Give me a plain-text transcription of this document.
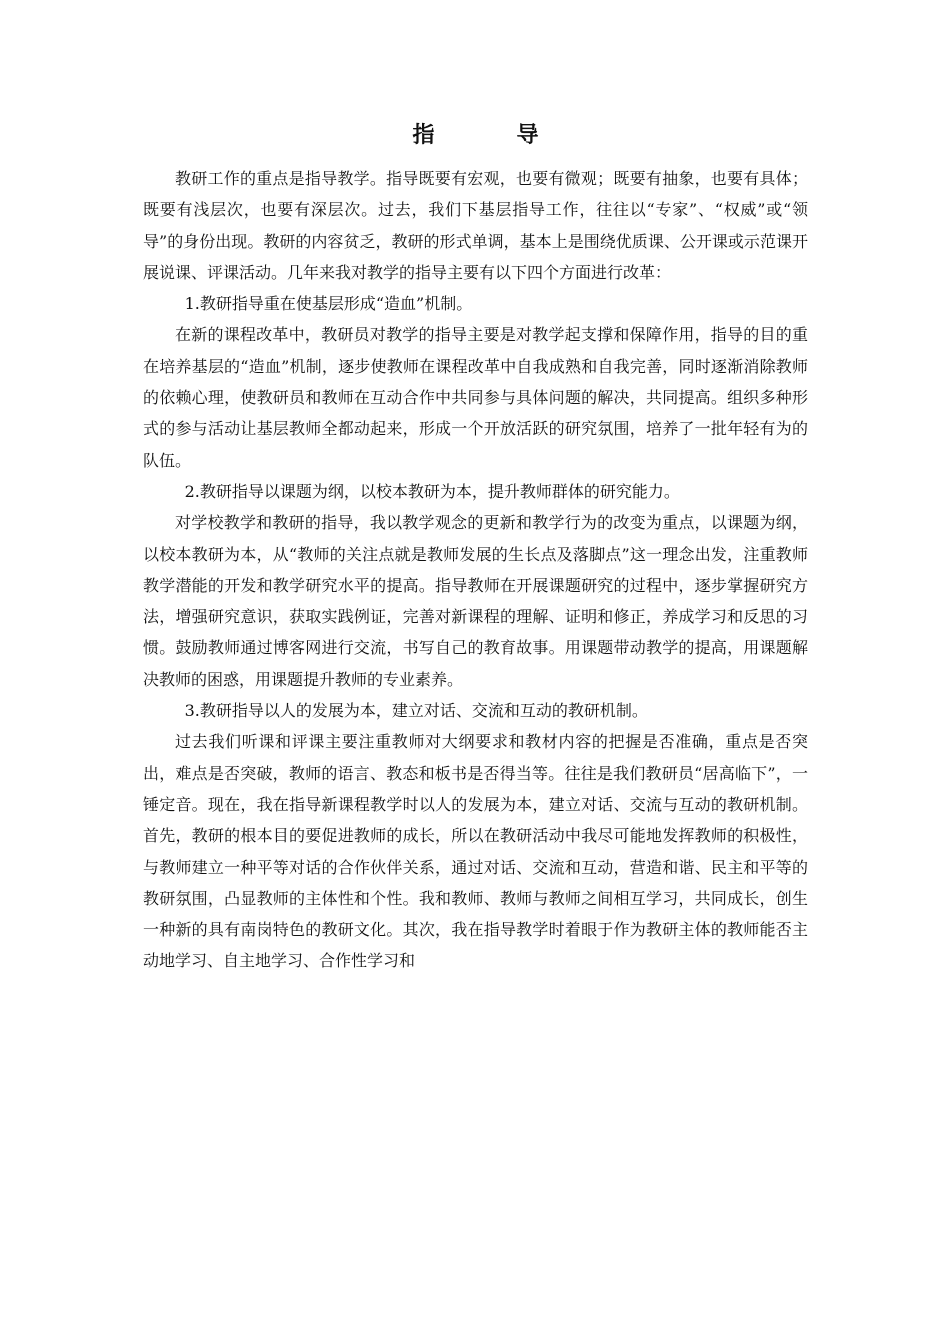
指　导

教研工作的重点是指导教学。指导既要有宏观，也要有微观；既要有抽象，也要有具体；既要有浅层次，也要有深层次。过去，我们下基层指导工作，往往以“专家”、“权威”或“领导”的身份出现。教研的内容贫乏，教研的形式单调，基本上是围绕优质课、公开课或示范课开展说课、评课活动。几年来我对教学的指导主要有以下四个方面进行改革：

1.教研指导重在使基层形成“造血”机制。

在新的课程改革中，教研员对教学的指导主要是对教学起支撑和保障作用，指导的目的重在培养基层的“造血”机制，逐步使教师在课程改革中自我成熟和自我完善，同时逐渐消除教师的依赖心理，使教研员和教师在互动合作中共同参与具体问题的解决，共同提高。组织多种形式的参与活动让基层教师全都动起来，形成一个开放活跃的研究氛围，培养了一批年轻有为的队伍。

2.教研指导以课题为纲，以校本教研为本，提升教师群体的研究能力。

对学校教学和教研的指导，我以教学观念的更新和教学行为的改变为重点，以课题为纲，以校本教研为本，从“教师的关注点就是教师发展的生长点及落脚点”这一理念出发，注重教师教学潜能的开发和教学研究水平的提高。指导教师在开展课题研究的过程中，逐步掌握研究方法，增强研究意识，获取实践例证，完善对新课程的理解、证明和修正，养成学习和反思的习惯。鼓励教师通过博客网进行交流，书写自己的教育故事。用课题带动教学的提高，用课题解决教师的困惑，用课题提升教师的专业素养。

3.教研指导以人的发展为本，建立对话、交流和互动的教研机制。

过去我们听课和评课主要注重教师对大纲要求和教材内容的把握是否准确，重点是否突出，难点是否突破，教师的语言、教态和板书是否得当等。往往是我们教研员“居高临下”，一锤定音。现在，我在指导新课程教学时以人的发展为本，建立对话、交流与互动的教研机制。首先，教研的根本目的要促进教师的成长，所以在教研活动中我尽可能地发挥教师的积极性，与教师建立一种平等对话的合作伙伴关系，通过对话、交流和互动，营造和谐、民主和平等的教研氛围，凸显教师的主体性和个性。我和教师、教师与教师之间相互学习，共同成长，创生一种新的具有南岗特色的教研文化。其次，我在指导教学时着眼于作为教研主体的教师能否主动地学习、自主地学习、合作性学习和
